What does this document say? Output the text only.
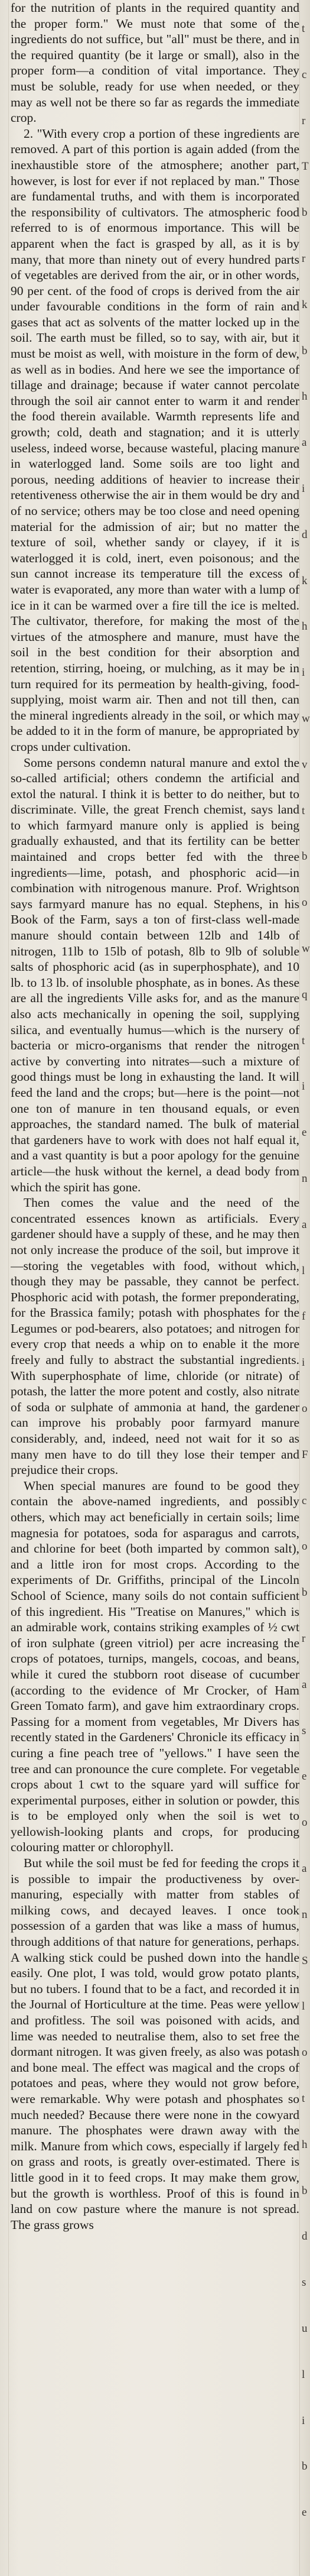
for the nutrition of plants in the required quantity and the proper form." We must note that some of the ingredients do not suffice, but "all" must be there, and in the required quantity (be it large or small), also in the proper form—a condition of vital importance. They must be soluble, ready for use when needed, or they may as well not be there so far as regards the immediate crop.

2. "With every crop a portion of these ingredients are removed. A part of this portion is again added (from the inexhaustible store of the atmosphere; another part, however, is lost for ever if not replaced by man." Those are fundamental truths, and with them is incorporated the responsibility of cultivators. The atmospheric food referred to is of enormous importance. This will be apparent when the fact is grasped by all, as it is by many, that more than ninety out of every hundred parts of vegetables are derived from the air, or in other words, 90 per cent. of the food of crops is derived from the air under favourable conditions in the form of rain and gases that act as solvents of the matter locked up in the soil. The earth must be filled, so to say, with air, but it must be moist as well, with moisture in the form of dew, as well as in bodies. And here we see the importance of tillage and drainage; because if water cannot percolate through the soil air cannot enter to warm it and render the food therein available. Warmth represents life and growth; cold, death and stagnation; and it is utterly useless, indeed worse, because wasteful, placing manure in waterlogged land. Some soils are too light and porous, needing additions of heavier to increase their retentiveness otherwise the air in them would be dry and of no service; others may be too close and need opening material for the admission of air; but no matter the texture of soil, whether sandy or clayey, if it is waterlogged it is cold, inert, even poisonous; and the sun cannot increase its temperature till the excess of water is evaporated, any more than water with a lump of ice in it can be warmed over a fire till the ice is melted. The cultivator, therefore, for making the most of the virtues of the atmosphere and manure, must have the soil in the best condition for their absorption and retention, stirring, hoeing, or mulching, as it may be in turn required for its permeation by health-giving, food-supplying, moist warm air. Then and not till then, can the mineral ingredients already in the soil, or which may be added to it in the form of manure, be appropriated by crops under cultivation.

Some persons condemn natural manure and extol the so-called artificial; others condemn the artificial and extol the natural. I think it is better to do neither, but to discriminate. Ville, the great French chemist, says land to which farmyard manure only is applied is being gradually exhausted, and that its fertility can be better maintained and crops better fed with the three ingredients—lime, potash, and phosphoric acid—in combination with nitrogenous manure. Prof. Wrightson says farmyard manure has no equal. Stephens, in his Book of the Farm, says a ton of first-class well-made manure should contain between 12lb and 14lb of nitrogen, 11lb to 15lb of potash, 8lb to 9lb of soluble salts of phosphoric acid (as in superphosphate), and 10 lb. to 13 lb. of insoluble phosphate, as in bones. As these are all the ingredients Ville asks for, and as the manure also acts mechanically in opening the soil, supplying silica, and eventually humus—which is the nursery of bacteria or micro-organisms that render the nitrogen active by converting into nitrates—such a mixture of good things must be long in exhausting the land. It will feed the land and the crops; but—here is the point—not one ton of manure in ten thousand equals, or even approaches, the standard named. The bulk of material that gardeners have to work with does not half equal it, and a vast quantity is but a poor apology for the genuine article—the husk without the kernel, a dead body from which the spirit has gone.

Then comes the value and the need of the concentrated essences known as artificials. Every gardener should have a supply of these, and he may then not only increase the produce of the soil, but improve it—storing the vegetables with food, without which, though they may be passable, they cannot be perfect. Phosphoric acid with potash, the former preponderating, for the Brassica family; potash with phosphates for the Legumes or pod-bearers, also potatoes; and nitrogen for every crop that needs a whip on to enable it the more freely and fully to abstract the substantial ingredients. With superphosphate of lime, chloride (or nitrate) of potash, the latter the more potent and costly, also nitrate of soda or sulphate of ammonia at hand, the gardener can improve his probably poor farmyard manure considerably, and, indeed, need not wait for it so as many men have to do till they lose their temper and prejudice their crops.

When special manures are found to be good they contain the above-named ingredients, and possibly others, which may act beneficially in certain soils; lime magnesia for potatoes, soda for asparagus and carrots, and chlorine for beet (both imparted by common salt), and a little iron for most crops. According to the experiments of Dr. Griffiths, principal of the Lincoln School of Science, many soils do not contain sufficient of this ingredient. His "Treatise on Manures," which is an admirable work, contains striking examples of ½ cwt of iron sulphate (green vitriol) per acre increasing the crops of potatoes, turnips, mangels, cocoas, and beans, while it cured the stubborn root disease of cucumber (according to the evidence of Mr Crocker, of Ham Green Tomato farm), and gave him extraordinary crops. Passing for a moment from vegetables, Mr Divers has recently stated in the Gardeners' Chronicle its efficacy in curing a fine peach tree of "yellows." I have seen the tree and can pronounce the cure complete. For vegetable crops about 1 cwt to the square yard will suffice for experimental purposes, either in solution or powder, this is to be employed only when the soil is wet to yellowish-looking plants and crops, for producing colouring matter or chlorophyll.

But while the soil must be fed for feeding the crops it is possible to impair the productiveness by over-manuring, especially with matter from stables of milking cows, and decayed leaves. I once took possession of a garden that was like a mass of humus, through additions of that nature for generations, perhaps. A walking stick could be pushed down into the handle easily. One plot, I was told, would grow potato plants, but no tubers. I found that to be a fact, and recorded it in the Journal of Horticulture at the time. Peas were yellow and profitless. The soil was poisoned with acids, and lime was needed to neutralise them, also to set free the dormant nitrogen. It was given freely, as also was potash and bone meal. The effect was magical and the crops of potatoes and peas, where they would not grow before, were remarkable. Why were potash and phosphates so much needed? Because there were none in the cowyard manure. The phosphates were drawn away with the milk. Manure from which cows, especially if largely fed on grass and roots, is greatly over-estimated. There is little good in it to feed crops. It may make them grow, but the growth is worthless. Proof of this is found in land on cow pasture where the manure is not spread. The grass grows

t
c
r
T
b
r
k
b
h
a
i
d
k
h
i
w
v
t
b
o
w
q
t
i
e
n
a
l
f
i
o
F
c
o
b
r
a
s
e
o
a
n
S
l
o
t
h
b
d
s
u
l
i
b
e
